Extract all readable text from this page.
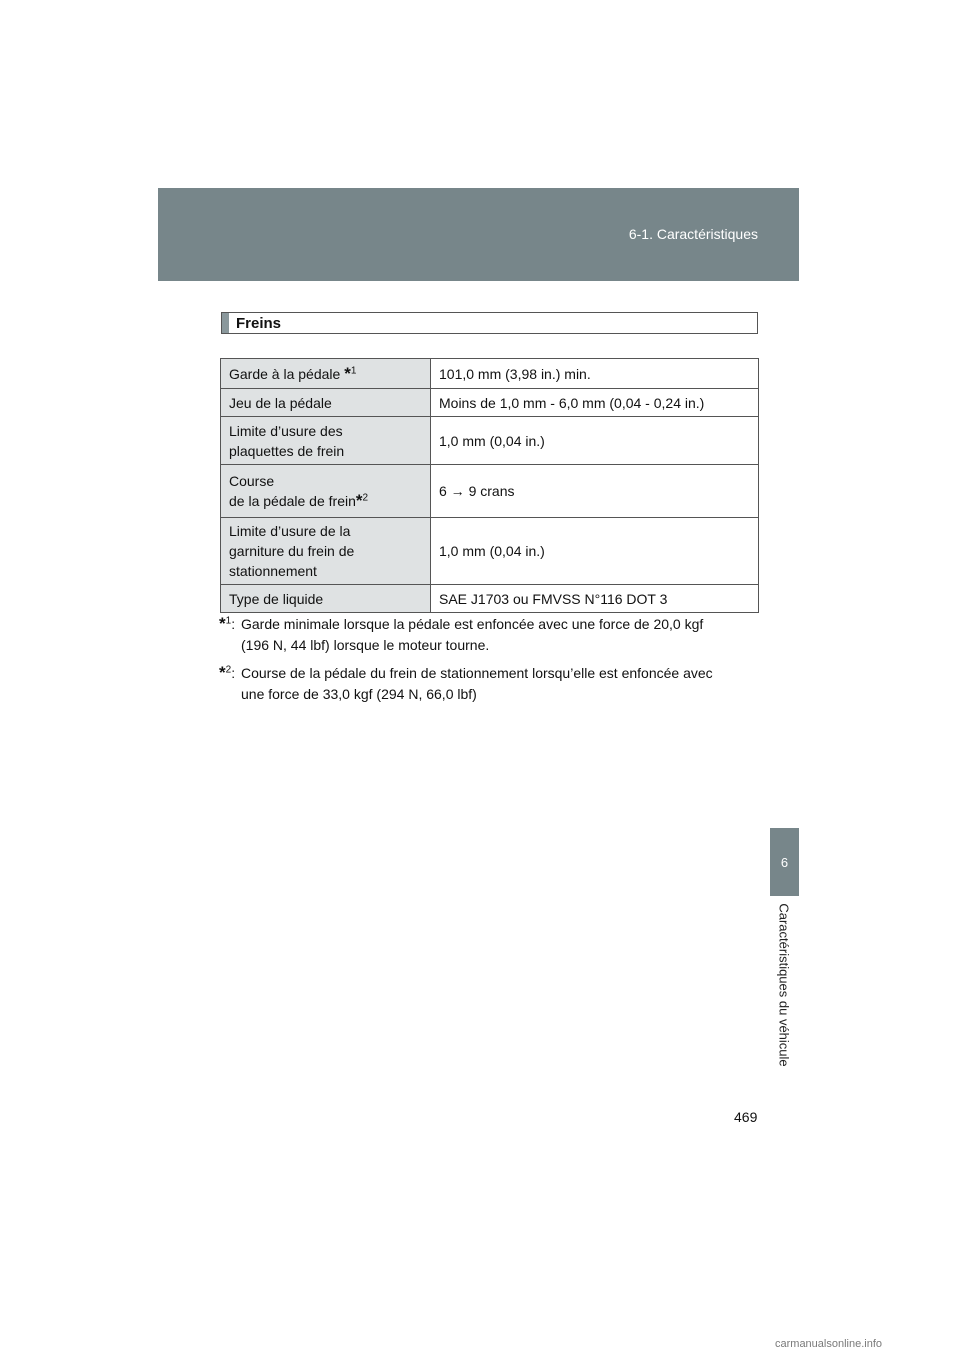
6-1. Caractéristiques
6
Caractéristiques du véhicule
Freins
Garde à la pédale *$^1$	101,0 mm (3,98 in.) min.
Jeu de la pédale	Moins de 1,0 mm - 6,0 mm (0,04 - 0,24 in.)
Limite d’usure des
plaquettes de frein	1,0 mm (0,04 in.)
Course
de la pédale de frein*$^2$	6 → 9 crans
Limite d’usure de la
garniture du frein de
stationnement	1,0 mm (0,04 in.)
Type de liquide	SAE J1703 ou FMVSS N°116 DOT 3
*$^1$: Garde minimale lorsque la pédale est enfoncée avec une force de 20,0 kgf
(196 N, 44 lbf) lorsque le moteur tourne.
*$^2$: Course de la pédale du frein de stationnement lorsqu’elle est enfoncée avec
une force de 33,0 kgf (294 N, 66,0 lbf)
469
carmanualsonline.info
